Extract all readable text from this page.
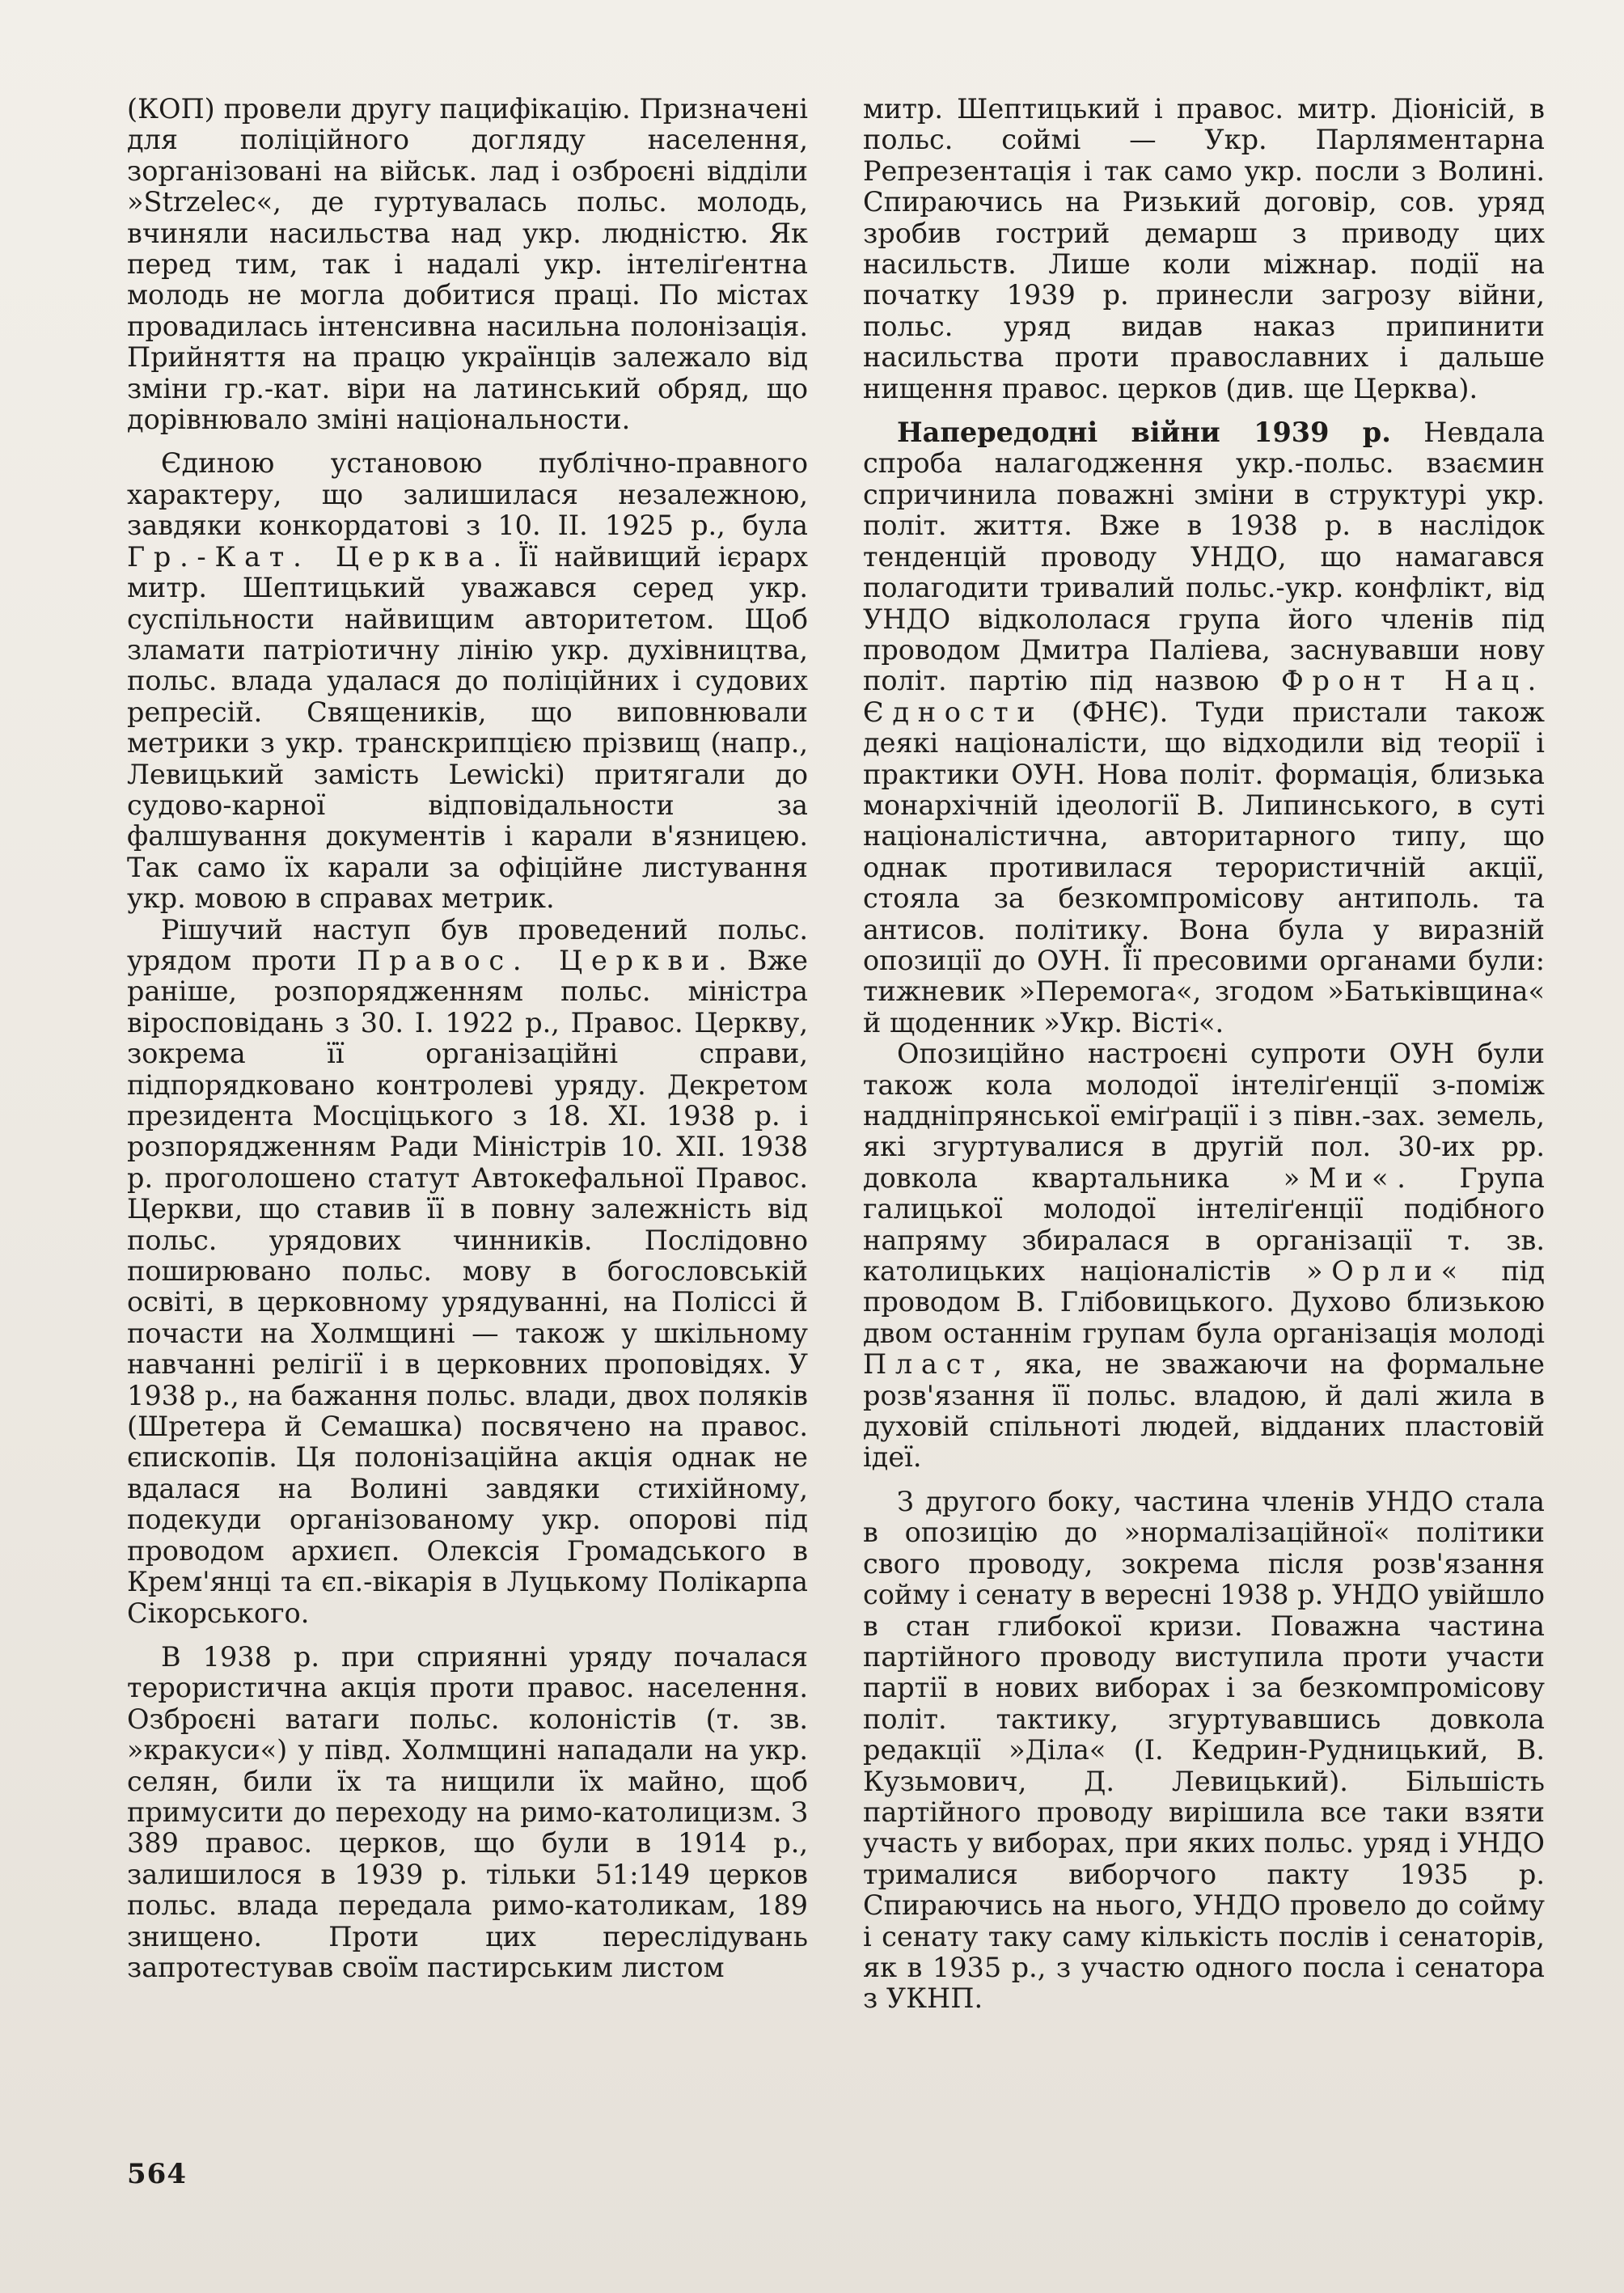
(КОП) провели другу пацифікацію. Призначені для поліційного догляду населення, зорганізовані на військ. лад і озброєні відділи »Strzelec«, де гуртувалась польс. молодь, вчиняли насильства над укр. людністю. Як перед тим, так і надалі укр. інтеліґентна молодь не могла добитися праці. По містах провадилась інтенсивна насильна полонізація. Прийняття на працю українців залежало від зміни гр.-кат. віри на латинський обряд, що дорівнювало зміні національности.

Єдиною установою публічно-правного характеру, що залишилася незалежною, завдяки конкордатові з 10. II. 1925 р., була Гр.-Кат. Церква. Її найвищий ієрарх митр. Шептицький уважався серед укр. суспільности найвищим авторитетом. Щоб зламати патріотичну лінію укр. духівництва, польс. влада удалася до поліційних і судових репресій. Священиків, що виповнювали метрики з укр. транскрипцією прізвищ (напр., Левицький замість Lewicki) притягали до судово-карної відповідальности за фалшування документів і карали в'язницею. Так само їх карали за офіційне листування укр. мовою в справах метрик.

Рішучий наступ був проведений польс. урядом проти Правос. Церкви. Вже раніше, розпорядженням польс. міністра віросповідань з 30. I. 1922 р., Правос. Церкву, зокрема її організаційні справи, підпорядковано контролеві уряду. Декретом президента Мосціцького з 18. XI. 1938 р. і розпорядженням Ради Міністрів 10. XII. 1938 р. проголошено статут Автокефальної Правос. Церкви, що ставив її в повну залежність від польс. урядових чинників. Послідовно поширювано польс. мову в богословській освіті, в церковному урядуванні, на Поліссі й почасти на Холмщині — також у шкільному навчанні релігії і в церковних проповідях. У 1938 р., на бажання польс. влади, двох поляків (Шретера й Семашка) посвячено на правос. єпископів. Ця полонізаційна акція однак не вдалася на Волині завдяки стихійному, подекуди організованому укр. опорові під проводом архиєп. Олексія Громадського в Крем'янці та єп.-вікарія в Луцькому Полікарпа Сікорського.

В 1938 р. при сприянні уряду почалася терористична акція проти правос. населення. Озброєні ватаги польс. колоністів (т. зв. »кракуси«) у півд. Холмщині нападали на укр. селян, били їх та нищили їх майно, щоб примусити до переходу на римо-католицизм. З 389 правос. церков, що були в 1914 р., залишилося в 1939 р. тільки 51:149 церков польс. влада передала римо-католикам, 189 знищено. Проти цих переслідувань запротестував своїм пастирським листом

митр. Шептицький і правос. митр. Діонісій, в польс. соймі — Укр. Парляментарна Репрезентація і так само укр. посли з Волині. Спираючись на Ризький договір, сов. уряд зробив гострий демарш з приводу цих насильств. Лише коли міжнар. події на початку 1939 р. принесли загрозу війни, польс. уряд видав наказ припинити насильства проти православних і дальше нищення правос. церков (див. ще Церква).

Напередодні війни 1939 р. Невдала спроба налагодження укр.-польс. взаємин спричинила поважні зміни в структурі укр. політ. життя. Вже в 1938 р. в наслідок тенденцій проводу УНДО, що намагався полагодити тривалий польс.-укр. конфлікт, від УНДО відкололася група його членів під проводом Дмитра Паліева, заснувавши нову політ. партію під назвою Фронт Нац. Єдности (ФНЄ). Туди пристали також деякі націоналісти, що відходили від теорії і практики ОУН. Нова політ. формація, близька монархічній ідеології В. Липинського, в суті націоналістична, авторитарного типу, що однак противилася терористичній акції, стояла за безкомпромісову антиполь. та антисов. політику. Вона була у виразній опозиції до ОУН. Її пресовими органами були: тижневик »Перемога«, згодом »Батьківщина« й щоденник »Укр. Вісті«.

Опозиційно настроєні супроти ОУН були також кола молодої інтеліґенції з-поміж наддніпрянської еміґрації і з півн.-зах. земель, які згуртувалися в другій пол. 30-их рр. довкола квартальника »Ми«. Група галицької молодої інтеліґенції подібного напряму збиралася в організації т. зв. католицьких націоналістів »Орли« під проводом В. Глібовицького. Духово близькою двом останнім групам була організація молоді Пласт, яка, не зважаючи на формальне розв'язання її польс. владою, й далі жила в духовій спільноті людей, відданих пластовій ідеї.

З другого боку, частина членів УНДО стала в опозицію до »нормалізаційної« політики свого проводу, зокрема після розв'язання сойму і сенату в вересні 1938 р. УНДО увійшло в стан глибокої кризи. Поважна частина партійного проводу виступила проти участи партії в нових виборах і за безкомпромісову політ. тактику, згуртувавшись довкола редакції »Діла« (І. Кедрин-Рудницький, В. Кузьмович, Д. Левицький). Більшість партійного проводу вирішила все таки взяти участь у виборах, при яких польс. уряд і УНДО трималися виборчого пакту 1935 р. Спираючись на нього, УНДО провело до сойму і сенату таку саму кількість послів і сенаторів, як в 1935 р., з участю одного посла і сенатора з УКНП.

564
